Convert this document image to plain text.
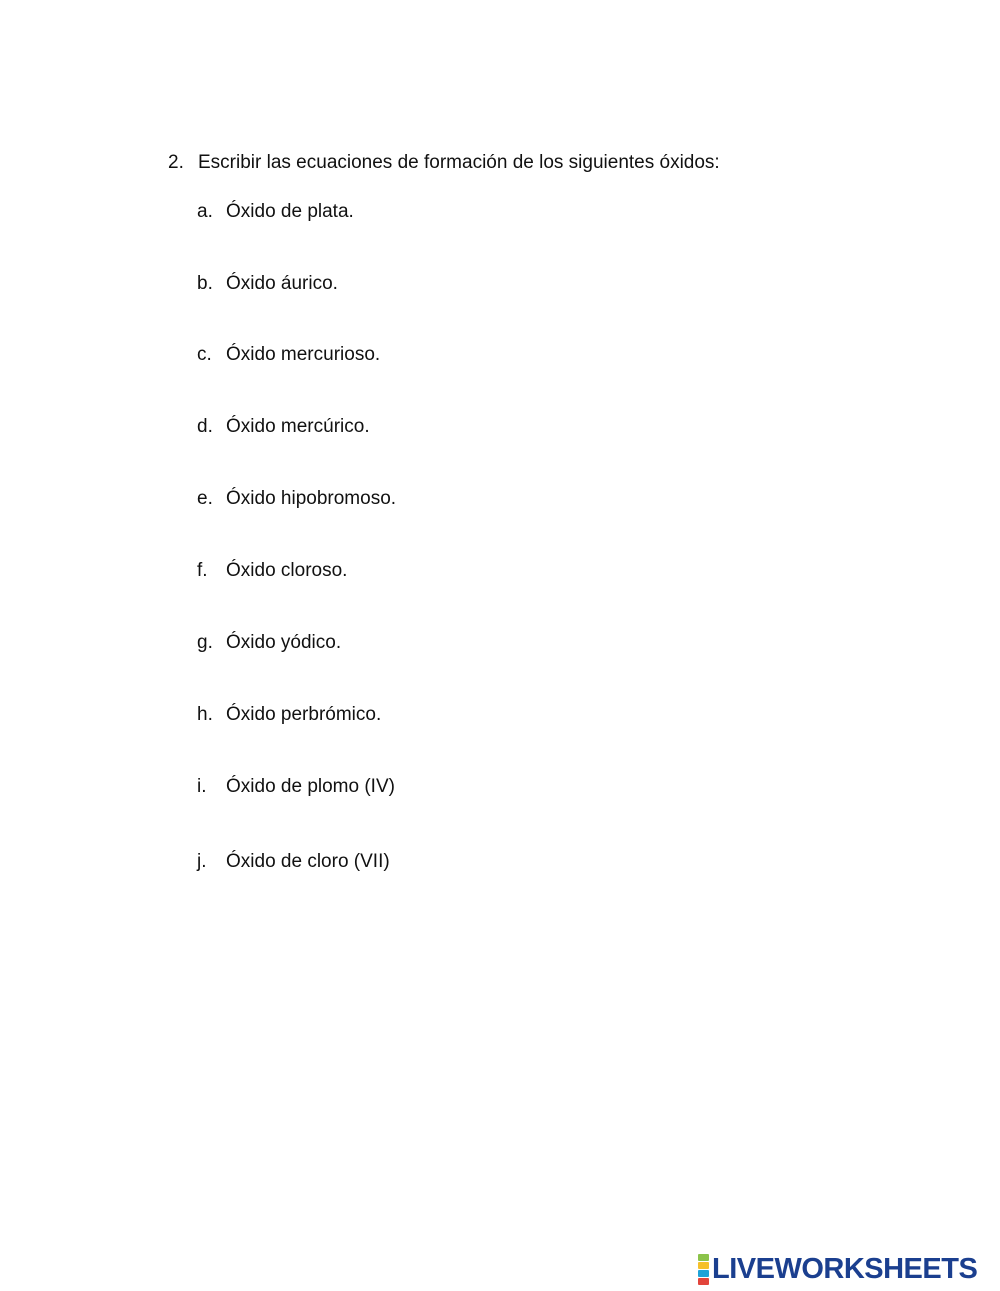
2. Escribir las ecuaciones de formación de los siguientes óxidos:
a. Óxido de plata.
b. Óxido áurico.
c. Óxido mercurioso.
d. Óxido mercúrico.
e. Óxido hipobromoso.
f. Óxido cloroso.
g. Óxido yódico.
h. Óxido perbrómico.
i. Óxido de plomo (IV)
j. Óxido de cloro (VII)
LIVEWORKSHEETS
